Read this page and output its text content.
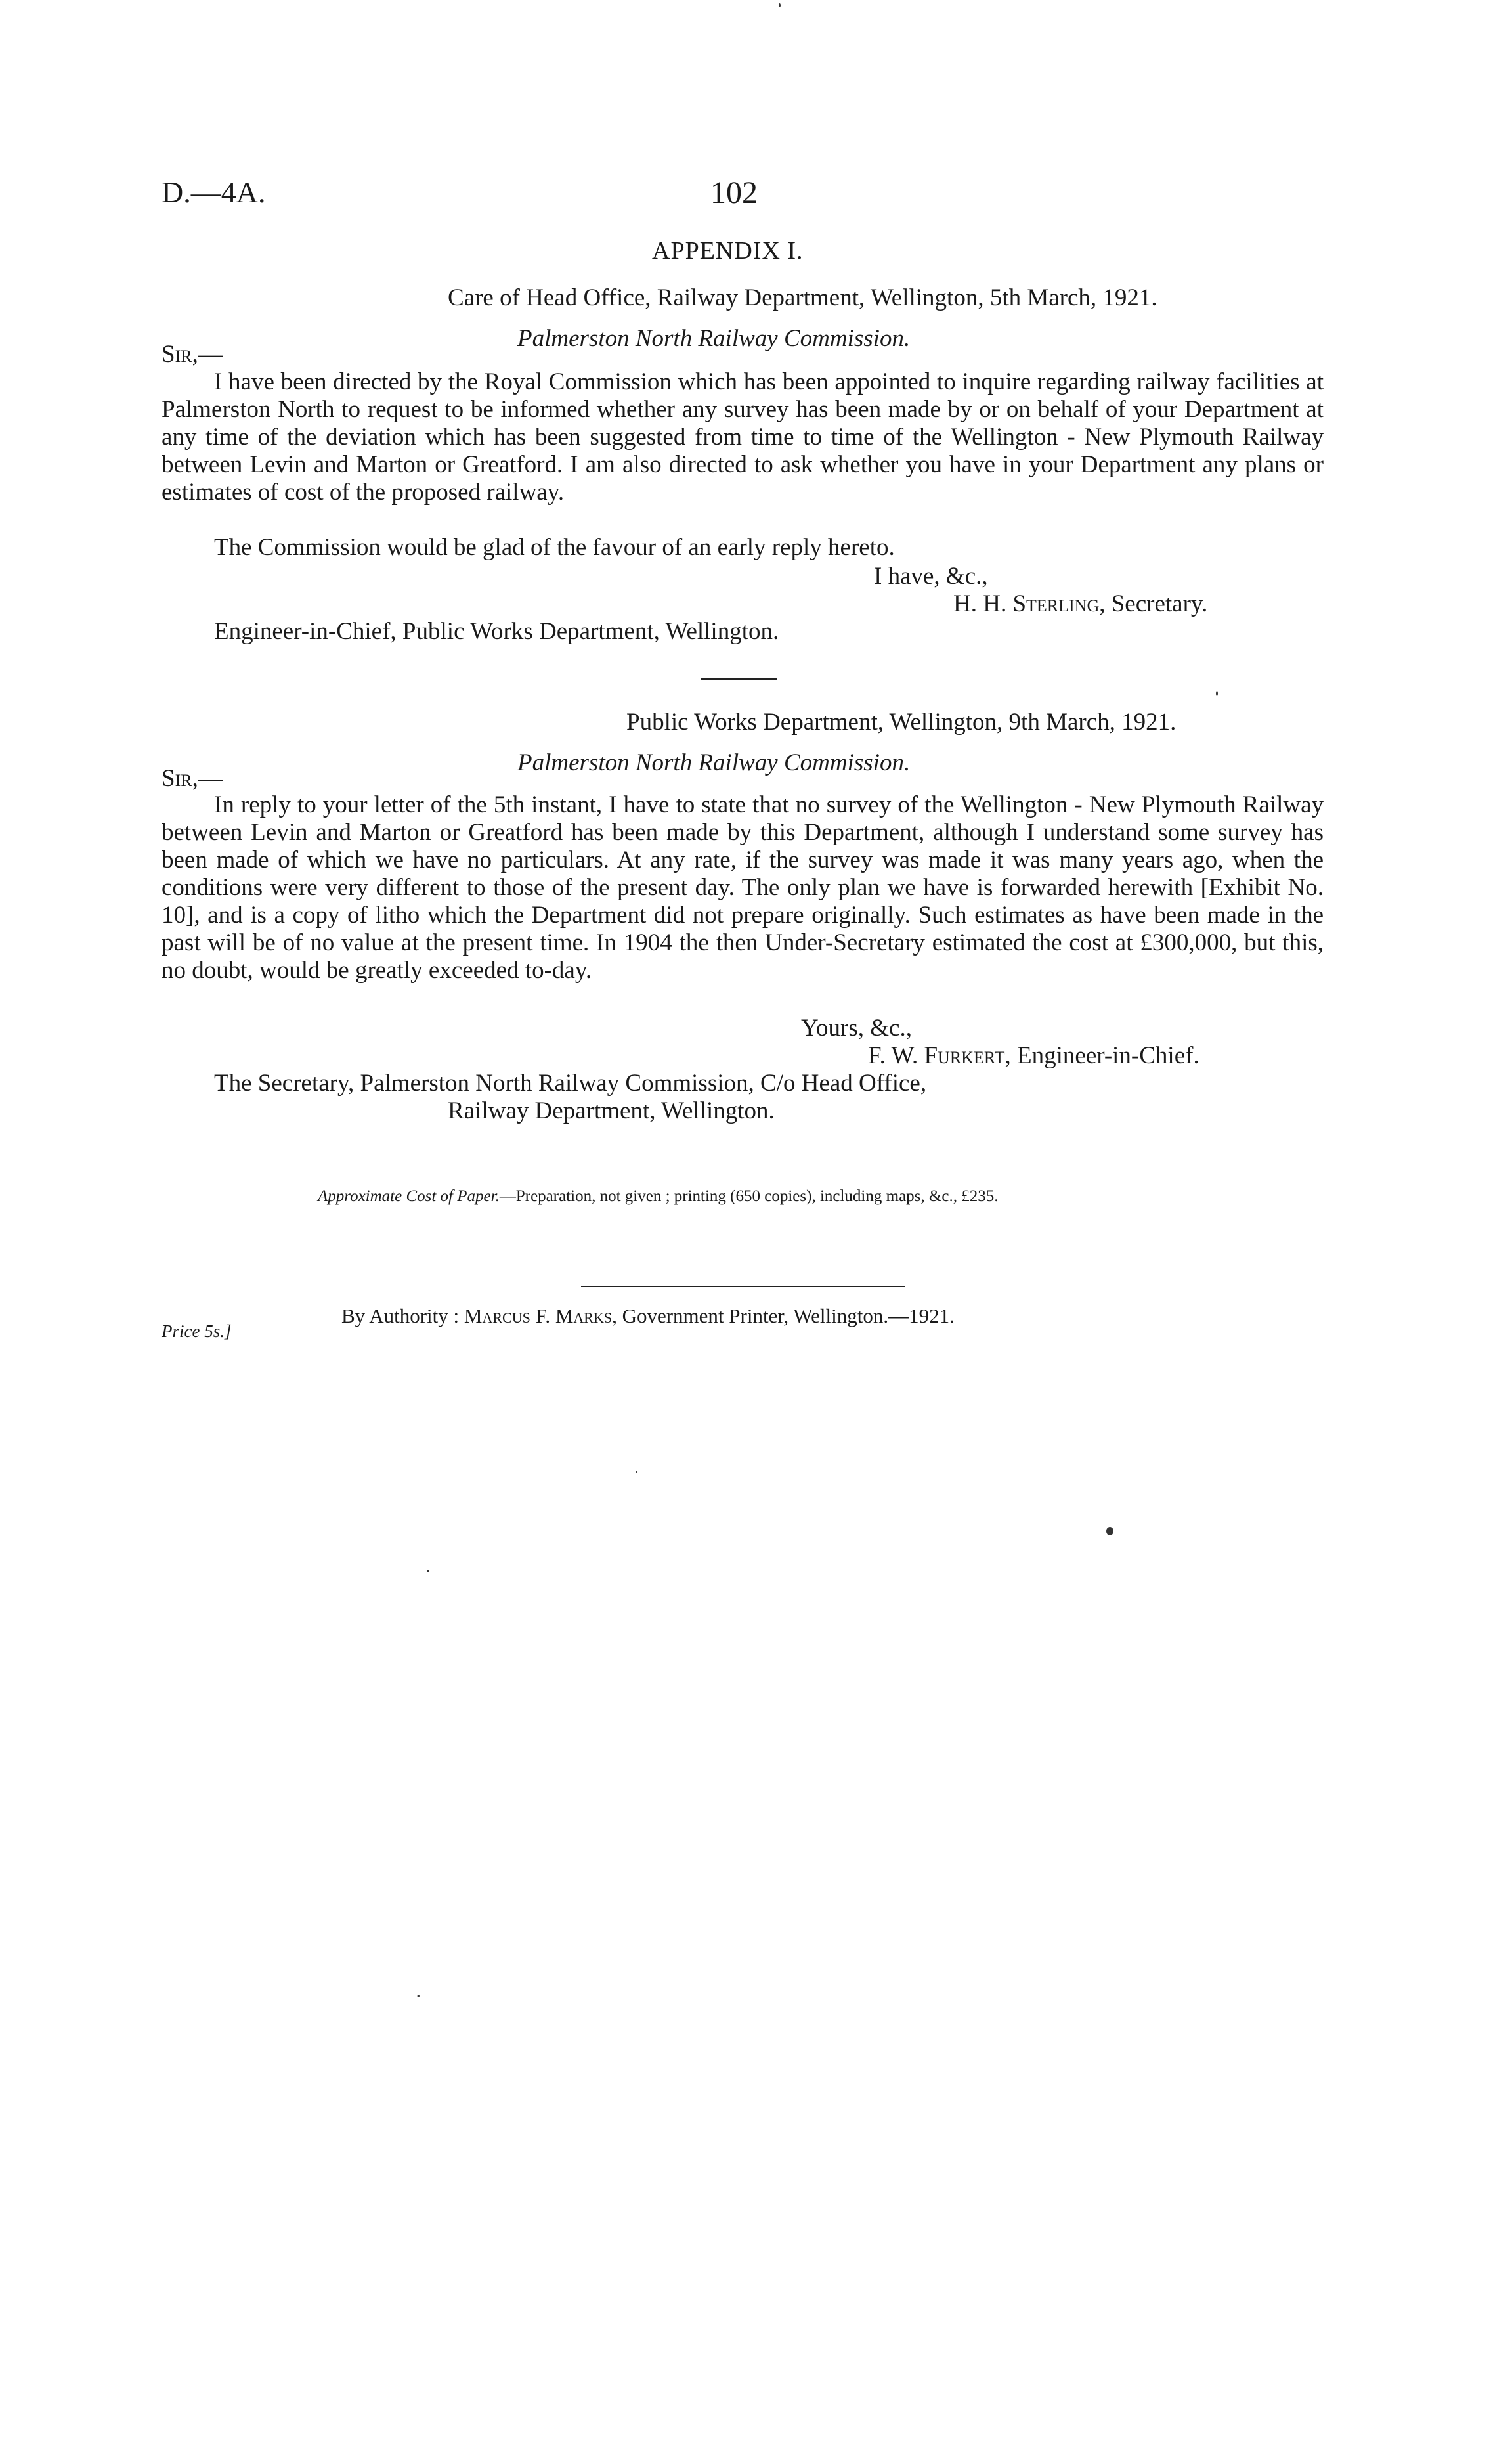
D.—4A.	102
APPENDIX I.
Care of Head Office, Railway Department, Wellington, 5th March, 1921.
Palmerston North Railway Commission.
Sir,—
I have been directed by the Royal Commission which has been appointed to inquire regarding railway facilities at Palmerston North to request to be informed whether any survey has been made by or on behalf of your Department at any time of the deviation which has been suggested from time to time of the Wellington - New Plymouth Railway between Levin and Marton or Greatford. I am also directed to ask whether you have in your Department any plans or estimates of cost of the proposed railway.
The Commission would be glad of the favour of an early reply hereto.
I have, &c.,
H. H. Sterling, Secretary.
Engineer-in-Chief, Public Works Department, Wellington.
Public Works Department, Wellington, 9th March, 1921.
Palmerston North Railway Commission.
Sir,—
In reply to your letter of the 5th instant, I have to state that no survey of the Wellington - New Plymouth Railway between Levin and Marton or Greatford has been made by this Department, although I understand some survey has been made of which we have no particulars. At any rate, if the survey was made it was many years ago, when the conditions were very different to those of the present day. The only plan we have is forwarded herewith [Exhibit No. 10], and is a copy of litho which the Department did not prepare originally. Such estimates as have been made in the past will be of no value at the present time. In 1904 the then Under-Secretary estimated the cost at £300,000, but this, no doubt, would be greatly exceeded to-day.
Yours, &c.,
F. W. Furkert, Engineer-in-Chief.
The Secretary, Palmerston North Railway Commission, C/o Head Office,
Railway Department, Wellington.
Approximate Cost of Paper.—Preparation, not given ; printing (650 copies), including maps, &c., £235.
Price 5s.]
By Authority : Marcus F. Marks, Government Printer, Wellington.—1921.
